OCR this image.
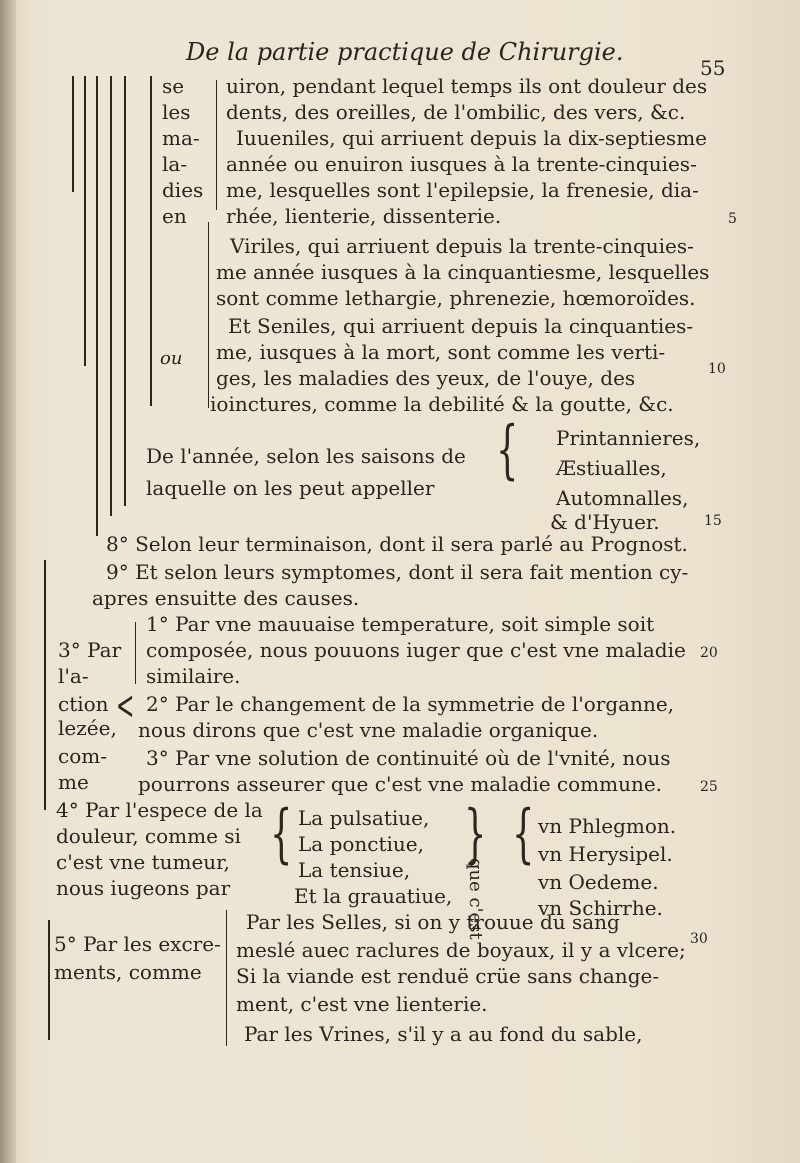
De la partie practique de Chirurgie.
55
se
les
ma-
la-
dies
en
ou
uiron, pendant lequel temps ils ont douleur des
dents, des oreilles, de l'ombilic, des vers, &c.
Iuueniles, qui arriuent depuis la dix-septiesme
année ou enuiron iusques à la trente-cinquies-
me, lesquelles sont l'epilepsie, la frenesie, dia-
rhée, lienterie, dissenterie.
Viriles, qui arriuent depuis la trente-cinquies-
me année iusques à la cinquantiesme, lesquelles
sont comme lethargie, phrenezie, hœmoroïdes.
Et Seniles, qui arriuent depuis la cinquanties-
me, iusques à la mort, sont comme les verti-
ges, les maladies des yeux, de l'ouye, des
ioinctures, comme la debilité & la goutte, &c.
De l'année, selon les saisons de
laquelle on les peut appeller
{ Printannieres,
Æstiualles,
Automnalles,
& d'Hyuer.
8° Selon leur terminaison, dont il sera parlé au Prognost.
9° Et selon leurs symptomes, dont il sera fait mention cy-
apres ensuitte des causes.
3° Par
l'a-
ction
lezée,
com-
me
<
1° Par vne mauuaise temperature, soit simple soit
composée, nous pouuons iuger que c'est vne maladie
similaire.
2° Par le changement de la symmetrie de l'organne,
nous dirons que c'est vne maladie organique.
3° Par vne solution de continuité où de l'vnité, nous
pourrons asseurer que c'est vne maladie commune.
4° Par l'espece de la
douleur, comme si
c'est vne tumeur,
nous iugeons par
{ La pulsatiue,
La ponctiue,
La tensiue,
Et la grauatiue,
}
que c'est
{ vn Phlegmon.
vn Herysipel.
vn Oedeme.
vn Schirrhe.
5° Par les excre-
ments, comme
Par les Selles, si on y trouue du sang
meslé auec raclures de boyaux, il y a vlcere;
Si la viande est renduë crüe sans change-
ment, c'est vne lienterie.
Par les Vrines, s'il y a au fond du sable,
5
10
15
20
25
30
